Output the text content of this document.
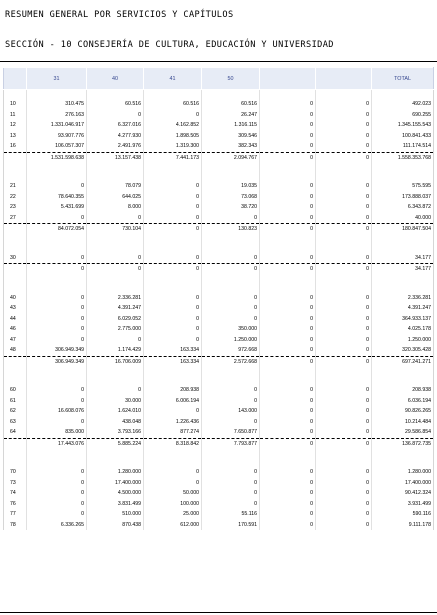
RESUMEN GENERAL POR SERVICIOS Y CAPÍTULOS
SECCIÓN - 10 CONSEJERÍA DE CULTURA, EDUCACIÓN Y UNIVERSIDAD
	31	40	41	50			TOTAL

10	310.475	60.516	60.516	60.516	0	0	492.023
11	276.163	0	0	26.247	0	0	690.255
12	1.331.046.917	6.327.016	4.162.852	1.316.115	0	0	1.345.155.543
13	93.907.776	4.277.930	1.898.505	309.546	0	0	100.841.433
16	106.057.307	2.491.976	1.319.300	382.343	0	0	111.174.514
	1.531.598.638	13.157.438	7.441.173	2.094.767	0	0	1.558.353.768

21	0	78.079	0	19.035	0	0	575.595
22	78.640.355	644.025	0	73.068	0	0	173.888.037
23	5.431.699	8.000	0	38.720	0	0	6.343.872
27	0	0	0	0	0	0	40.000
	84.072.054	730.104	0	130.823	0	0	180.847.504

30	0	0	0	0	0	0	34.177
	0	0	0	0	0	0	34.177

40	0	2.336.281	0	0	0	0	2.336.281
43	0	4.391.247	0	0	0	0	4.391.247
44	0	6.029.052	0	0	0	0	364.933.137
46	0	2.775.000	0	350.000	0	0	4.025.178
47	0	0	0	1.250.000	0	0	1.250.000
48	306.949.349	1.174.429	163.334	972.668	0	0	320.305.428
	306.949.349	16.706.009	163.334	2.572.668	0	0	697.241.271

60	0	0	208.938	0	0	0	208.938
61	0	30.000	6.006.194	0	0	0	6.036.194
62	16.608.076	1.624.010	0	143.000	0	0	90.826.265
63	0	438.048	1.226.436	0	0	0	10.214.484
64	835.000	3.793.166	877.274	7.650.877	0	0	29.586.854
	17.443.076	5.885.224	8.318.842	7.793.877	0	0	136.872.735

70	0	1.280.000	0	0	0	0	1.280.000
73	0	17.400.000	0	0	0	0	17.400.000
74	0	4.500.000	50.000	0	0	0	90.412.324
76	0	3.831.499	100.000	0	0	0	3.931.499
77	0	510.000	25.000	55.116	0	0	590.116
78	6.336.265	870.438	612.000	170.591	0	0	9.111.178
